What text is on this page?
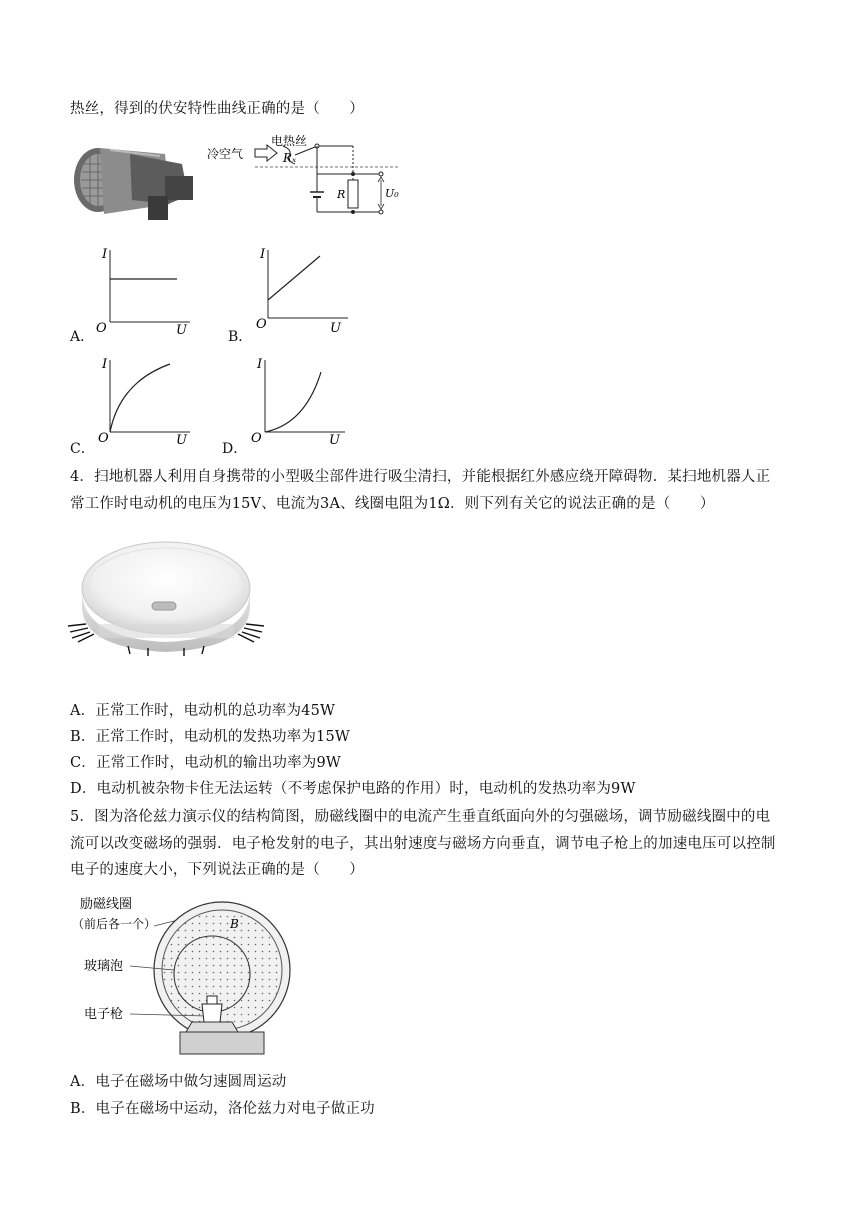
热丝，得到的伏安特性曲线正确的是（　　）
电热丝
冷空气	Rₓ
R	U₀
A．
I
O	U	B．
I
O	U
C．
I
O	U
D．
I
O	U
4．扫地机器人利用自身携带的小型吸尘部件进行吸尘清扫，并能根据红外感应绕开障碍物．某扫地机器人正
常工作时电动机的电压为15V、电流为3A、线圈电阻为1Ω．则下列有关它的说法正确的是（　　）
A．正常工作时，电动机的总功率为45W
B．正常工作时，电动机的发热功率为15W
C．正常工作时，电动机的输出功率为9W
D．电动机被杂物卡住无法运转（不考虑保护电路的作用）时，电动机的发热功率为9W
5．图为洛伦兹力演示仪的结构简图，励磁线圈中的电流产生垂直纸面向外的匀强磁场，调节励磁线圈中的电
流可以改变磁场的强弱．电子枪发射的电子，其出射速度与磁场方向垂直，调节电子枪上的加速电压可以控制
电子的速度大小，下列说法正确的是（　　）
励磁线圈
（前后各一个）	B
玻璃泡
电子枪
A．电子在磁场中做匀速圆周运动
B．电子在磁场中运动，洛伦兹力对电子做正功
